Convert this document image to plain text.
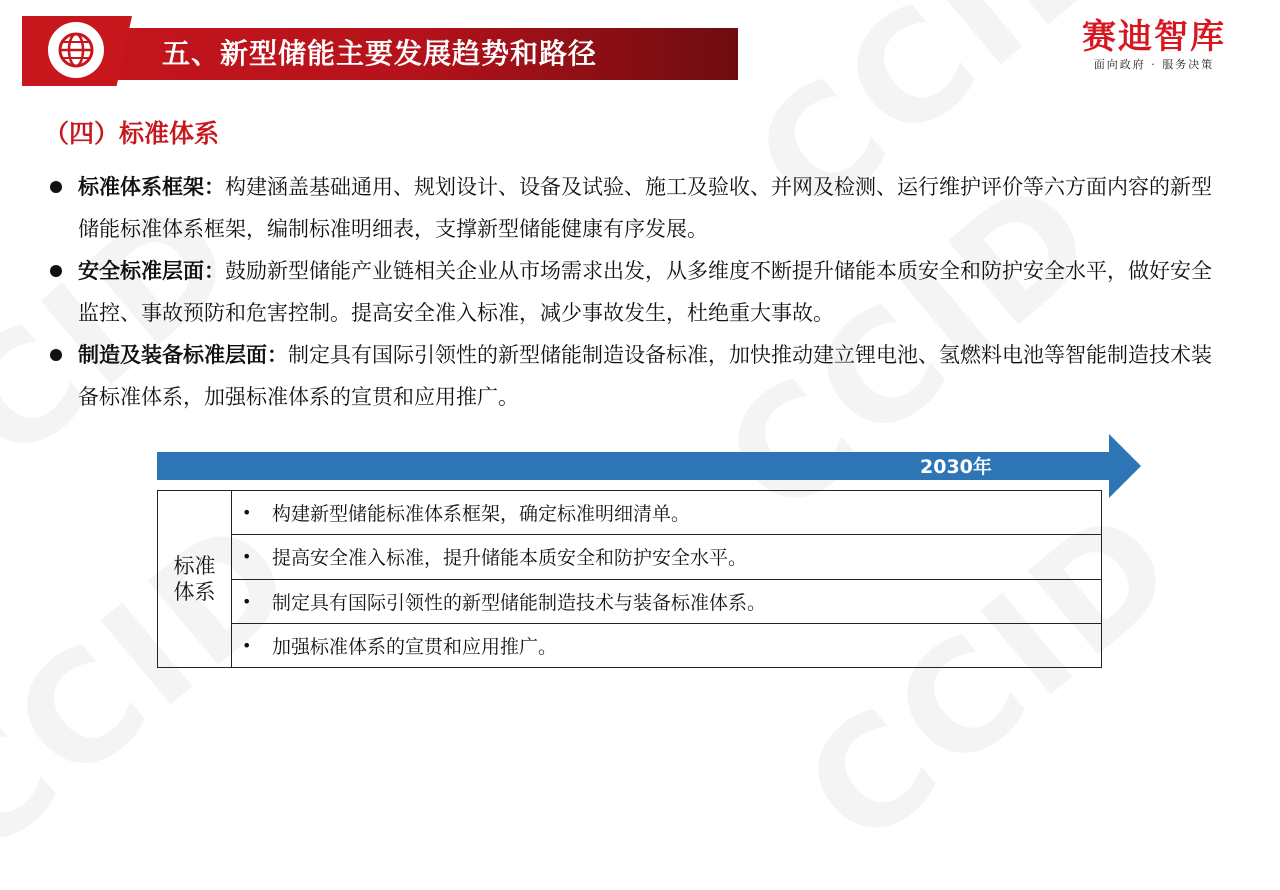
五、新型储能主要发展趋势和路径	赛迪智库
面向政府 · 服务决策
（四）标准体系
标准体系框架：构建涵盖基础通用、规划设计、设备及试验、施工及验收、并网及检测、运行维护评价等六方面内容的新型储能标准体系框架，编制标准明细表，支撑新型储能健康有序发展。
安全标准层面：鼓励新型储能产业链相关企业从市场需求出发，从多维度不断提升储能本质安全和防护安全水平，做好安全监控、事故预防和危害控制。提高安全准入标准，减少事故发生，杜绝重大事故。
制造及装备标准层面：制定具有国际引领性的新型储能制造设备标准，加快推动建立锂电池、氢燃料电池等智能制造技术装备标准体系，加强标准体系的宣贯和应用推广。
2030年
标准体系
•	构建新型储能标准体系框架，确定标准明细清单。
•	提高安全准入标准，提升储能本质安全和防护安全水平。
•	制定具有国际引领性的新型储能制造技术与装备标准体系。
•	加强标准体系的宣贯和应用推广。
